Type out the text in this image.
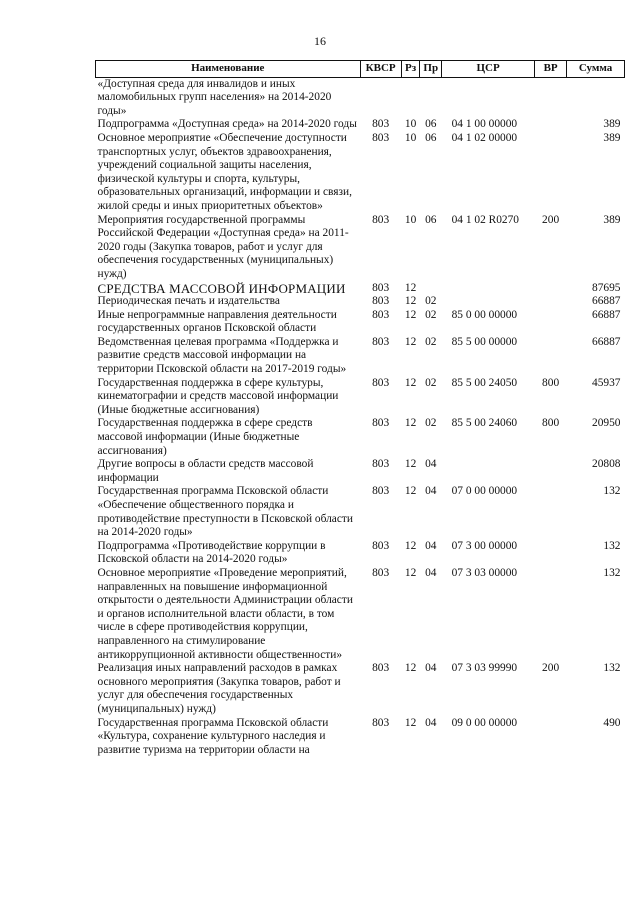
16
Наименование	КВСР	Рз	Пр	ЦСР	ВР	Сумма
«Доступная среда для инвалидов и иных маломобильных групп населения» на 2014-2020 годы»						
Подпрограмма «Доступная среда» на 2014-2020 годы	803	10	06	04 1 00 00000		389
Основное мероприятие «Обеспечение доступности транспортных услуг, объектов здравоохранения, учреждений социальной защиты населения, физической культуры и спорта, культуры, образовательных организаций, информации и связи, жилой среды и иных приоритетных объектов»	803	10	06	04 1 02 00000		389
Мероприятия государственной программы Российской Федерации «Доступная среда» на 2011-2020 годы (Закупка товаров, работ и услуг для обеспечения государственных (муниципальных) нужд)	803	10	06	04 1 02 R0270	200	389
СРЕДСТВА МАССОВОЙ ИНФОРМАЦИИ	803	12				87695
Периодическая печать и издательства	803	12	02			66887
Иные непрограммные направления деятельности государственных органов Псковской области	803	12	02	85 0 00 00000		66887
Ведомственная целевая программа «Поддержка и развитие средств массовой информации на территории Псковской области на 2017-2019 годы»	803	12	02	85 5 00 00000		66887
Государственная поддержка в сфере культуры, кинематографии и средств массовой информации (Иные бюджетные ассигнования)	803	12	02	85 5 00 24050	800	45937
Государственная поддержка в сфере средств массовой информации (Иные бюджетные ассигнования)	803	12	02	85 5 00 24060	800	20950
Другие вопросы в области средств массовой информации	803	12	04			20808
Государственная программа Псковской области «Обеспечение общественного порядка и противодействие преступности в Псковской области на 2014-2020 годы»	803	12	04	07 0 00 00000		132
Подпрограмма «Противодействие коррупции в Псковской области на 2014-2020 годы»	803	12	04	07 3 00 00000		132
Основное мероприятие «Проведение мероприятий, направленных на повышение информационной открытости о деятельности Администрации области и органов исполнительной власти области, в том числе в сфере противодействия коррупции, направленного на стимулирование антикоррупционной активности общественности»	803	12	04	07 3 03 00000		132
Реализация иных направлений расходов в рамках основного мероприятия (Закупка товаров, работ и услуг для обеспечения государственных (муниципальных) нужд)	803	12	04	07 3 03 99990	200	132
Государственная программа Псковской области «Культура, сохранение культурного наследия и развитие туризма на территории области на	803	12	04	09 0 00 00000		490
